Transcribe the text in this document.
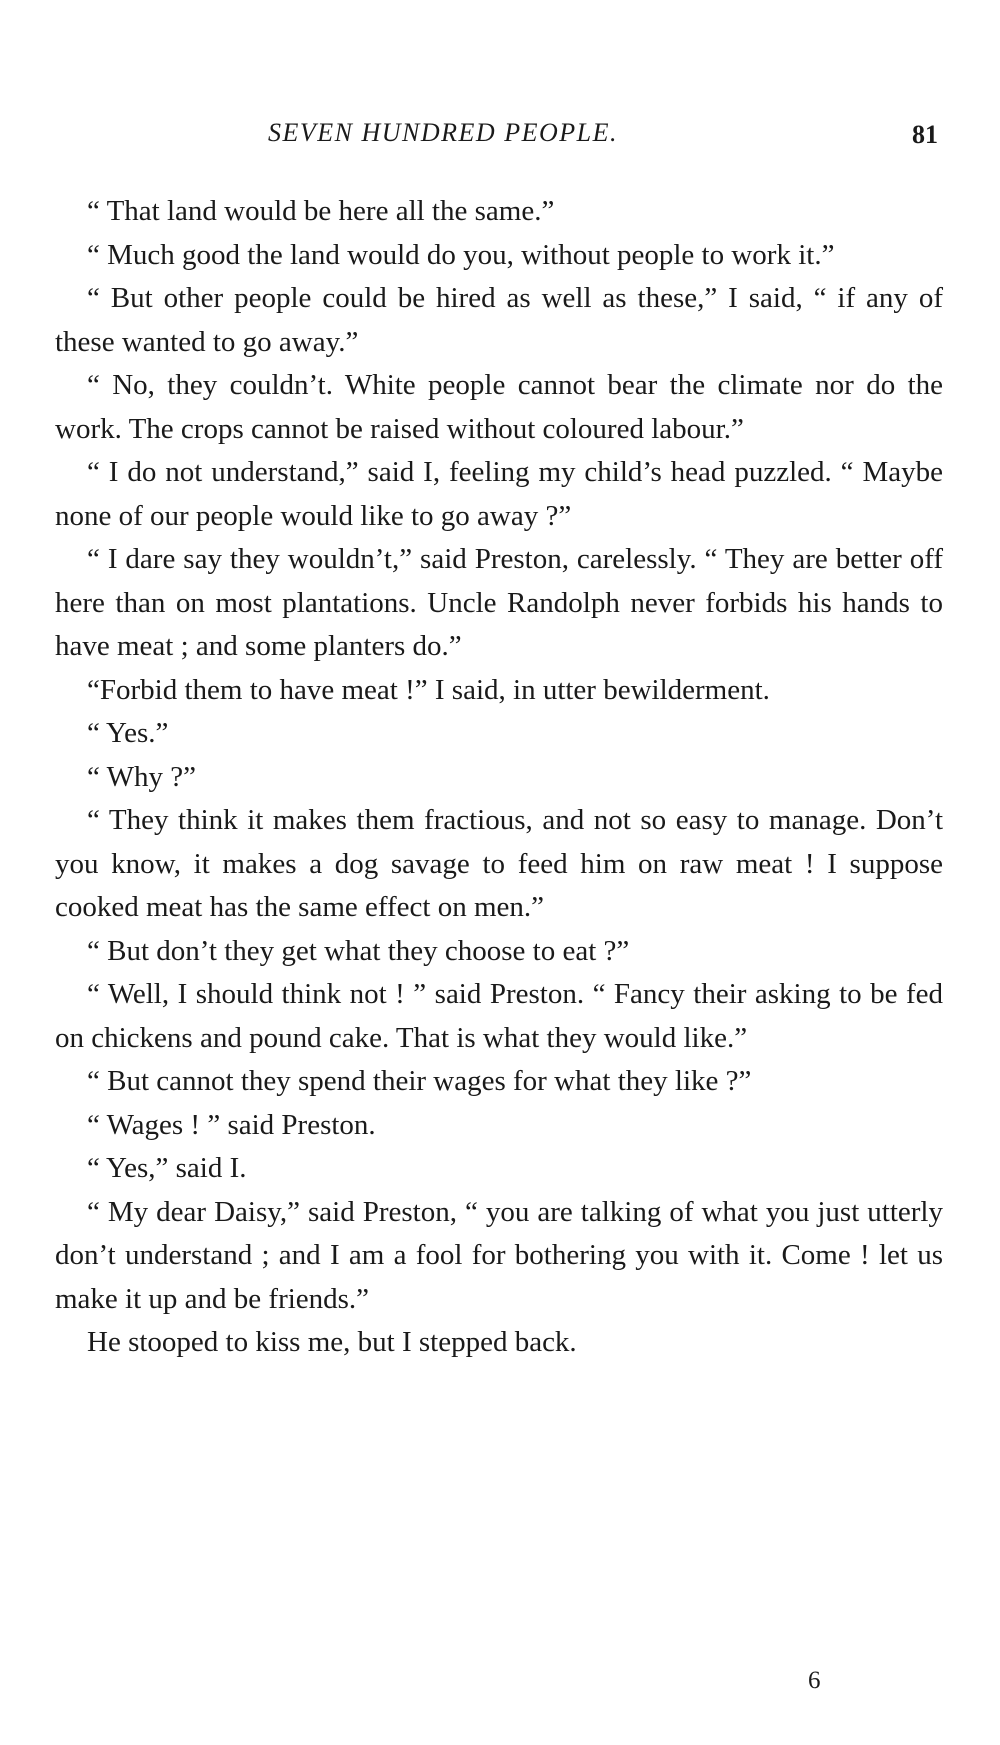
SEVEN HUNDRED PEOPLE.	81

“ That land would be here all the same.”

“ Much good the land would do you, without people to work it.”

“ But other people could be hired as well as these,” I said, “ if any of these wanted to go away.”

“ No, they couldn’t. White people cannot bear the climate nor do the work. The crops cannot be raised without coloured labour.”

“ I do not understand,” said I, feeling my child’s head puzzled. “ Maybe none of our people would like to go away ?”

“ I dare say they wouldn’t,” said Preston, carelessly. “ They are better off here than on most plantations. Uncle Randolph never forbids his hands to have meat ; and some planters do.”

“Forbid them to have meat !” I said, in utter bewilderment.

“ Yes.”

“ Why ?”

“ They think it makes them fractious, and not so easy to manage. Don’t you know, it makes a dog savage to feed him on raw meat ! I suppose cooked meat has the same effect on men.”

“ But don’t they get what they choose to eat ?”

“ Well, I should think not ! ” said Preston. “ Fancy their asking to be fed on chickens and pound cake. That is what they would like.”

“ But cannot they spend their wages for what they like ?”

“ Wages ! ” said Preston.

“ Yes,” said I.

“ My dear Daisy,” said Preston, “ you are talking of what you just utterly don’t understand ; and I am a fool for bothering you with it. Come ! let us make it up and be friends.”

He stooped to kiss me, but I stepped back.

6
